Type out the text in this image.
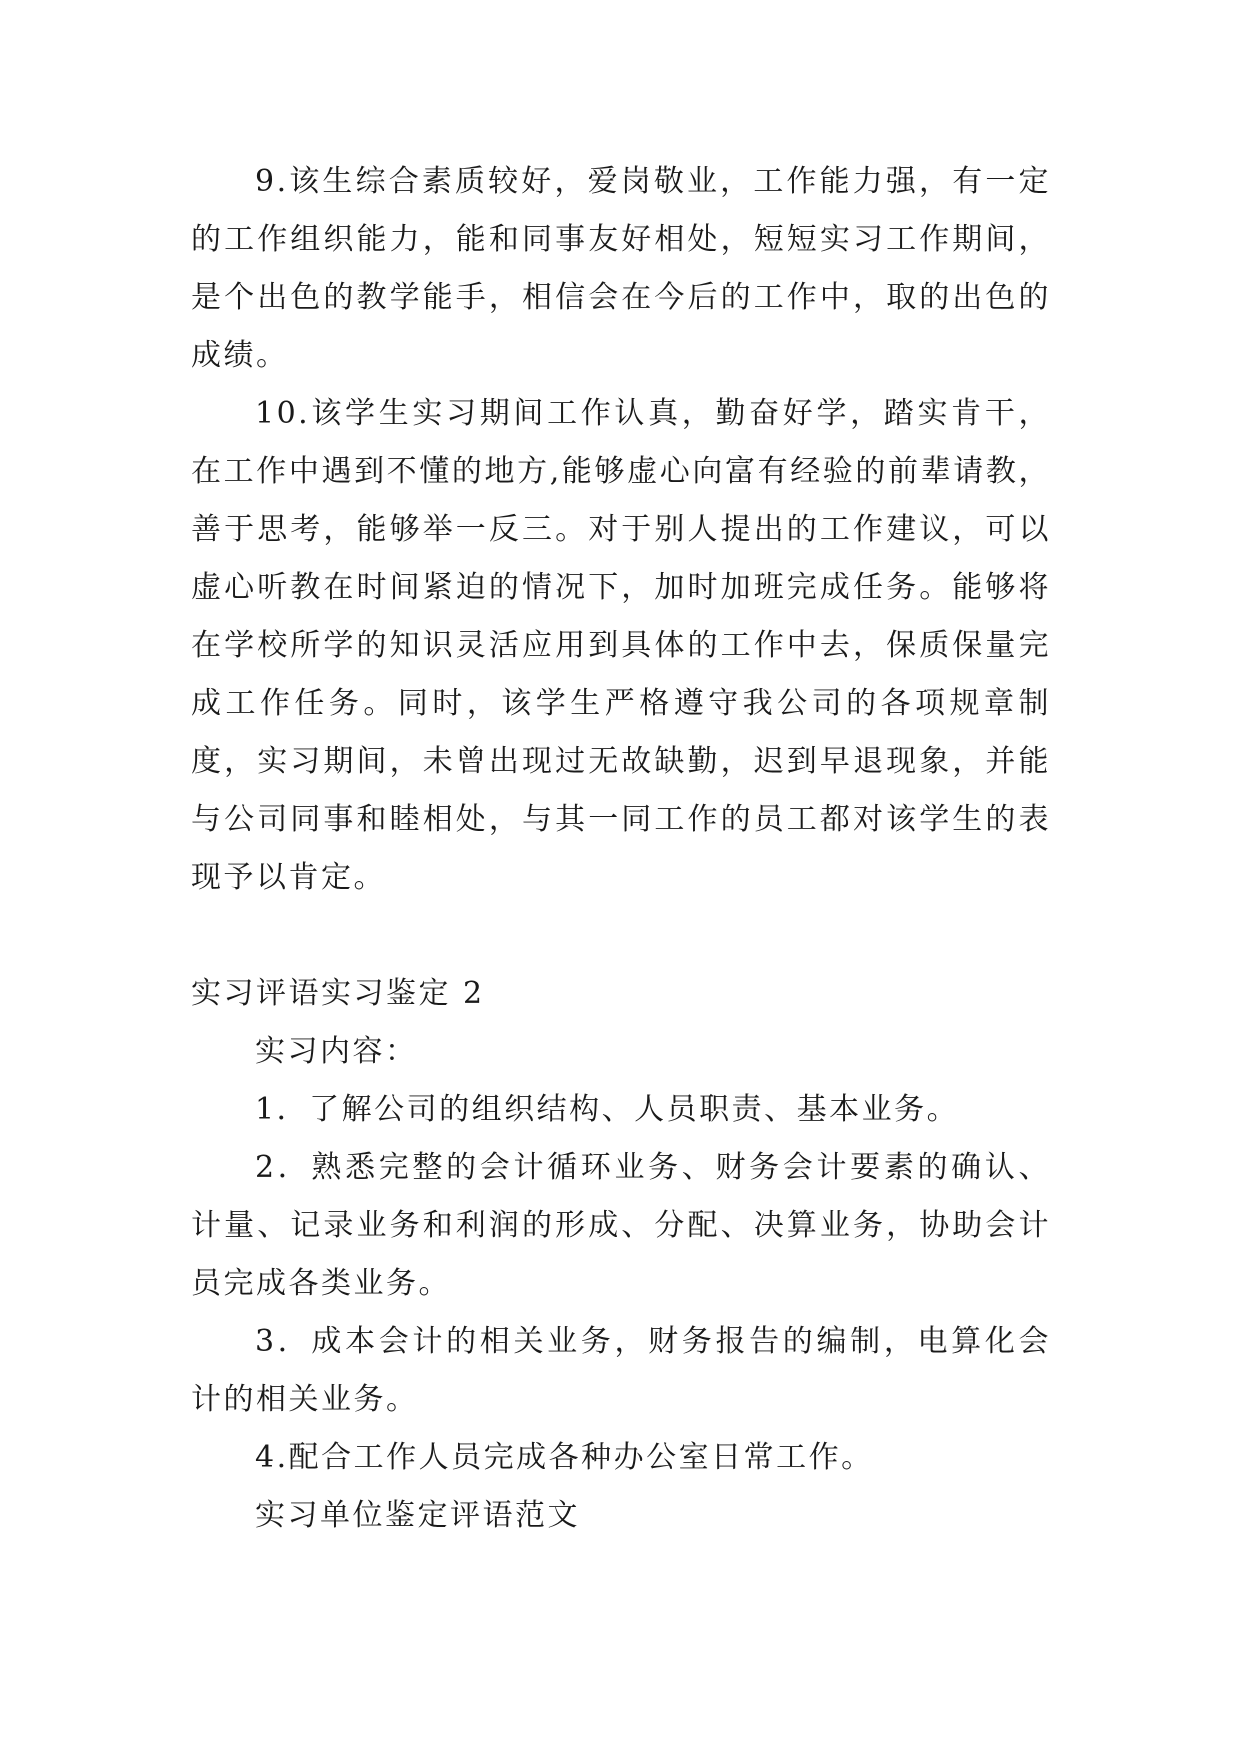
9.该生综合素质较好，爱岗敬业，工作能力强，有一定的工作组织能力，能和同事友好相处，短短实习工作期间，是个出色的教学能手，相信会在今后的工作中，取的出色的成绩。

10.该学生实习期间工作认真，勤奋好学，踏实肯干，在工作中遇到不懂的地方,能够虚心向富有经验的前辈请教，善于思考，能够举一反三。对于别人提出的工作建议，可以虚心听教在时间紧迫的情况下，加时加班完成任务。能够将在学校所学的知识灵活应用到具体的工作中去，保质保量完成工作任务。同时，该学生严格遵守我公司的各项规章制度，实习期间，未曾出现过无故缺勤，迟到早退现象，并能与公司同事和睦相处，与其一同工作的员工都对该学生的表现予以肯定。

实习评语实习鉴定 2

实习内容：

1．了解公司的组织结构、人员职责、基本业务。

2．熟悉完整的会计循环业务、财务会计要素的确认、计量、记录业务和利润的形成、分配、决算业务，协助会计员完成各类业务。

3．成本会计的相关业务，财务报告的编制，电算化会计的相关业务。

4.配合工作人员完成各种办公室日常工作。

实习单位鉴定评语范文
